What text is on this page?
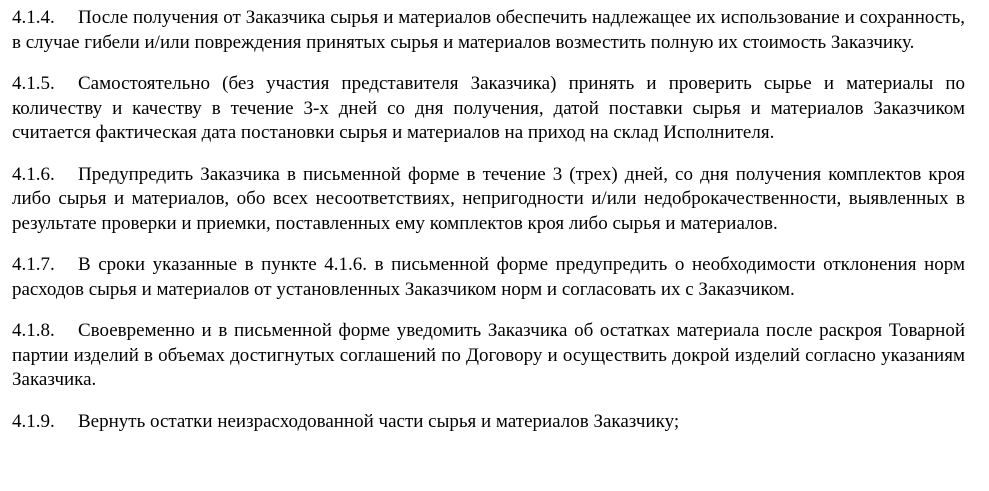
4.1.4. После получения от Заказчика сырья и материалов обеспечить надлежащее их использование и сохранность, в случае гибели и/или повреждения принятых сырья и материалов возместить полную их стоимость Заказчику.

4.1.5. Самостоятельно (без участия представителя Заказчика) принять и проверить сырье и материалы по количеству и качеству в течение 3-х дней со дня получения, датой поставки сырья и материалов Заказчиком считается фактическая дата постановки сырья и материалов на приход на склад Исполнителя.

4.1.6. Предупредить Заказчика в письменной форме в течение 3 (трех) дней, со дня получения комплектов кроя либо сырья и материалов, обо всех несоответствиях, непригодности и/или недоброкачественности, выявленных в результате проверки и приемки, поставленных ему комплектов кроя либо сырья и материалов.

4.1.7. В сроки указанные в пункте 4.1.6. в письменной форме предупредить о необходимости отклонения норм расходов сырья и материалов от установленных Заказчиком норм и согласовать их с Заказчиком.

4.1.8. Своевременно и в письменной форме уведомить Заказчика об остатках материала после раскроя Товарной партии изделий в объемах достигнутых соглашений по Договору и осуществить докрой изделий согласно указаниям Заказчика.

4.1.9. Вернуть остатки неизрасходованной части сырья и материалов Заказчику;
